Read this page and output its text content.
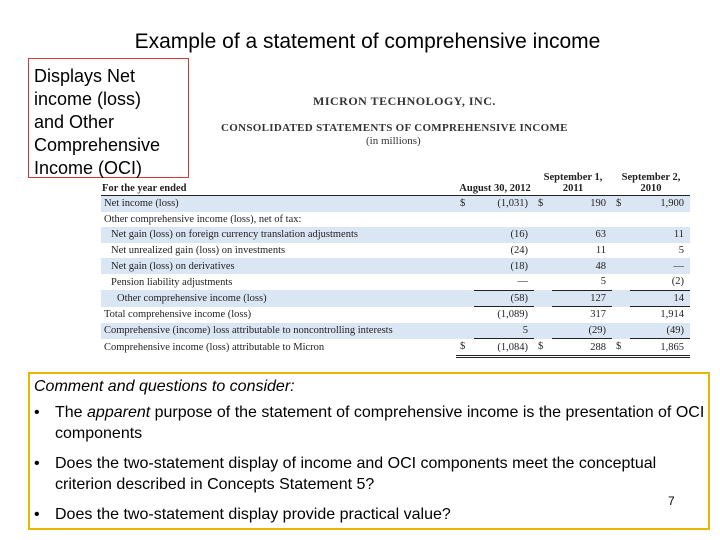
Example of a statement of comprehensive income
Displays Net
income (loss)
and Other
Comprehensive
Income (OCI)
MICRON TECHNOLOGY, INC.
CONSOLIDATED STATEMENTS OF COMPREHENSIVE INCOME
(in millions)
For the year ended	August 30, 2012		September 1, 2011		September 2, 2010	
Net income (loss)	$	(1,031)	$	190	$	1,900
Other comprehensive income (loss), net of tax:						
Net gain (loss) on foreign currency translation adjustments		(16)		63		11
Net unrealized gain (loss) on investments		(24)		11		5
Net gain (loss) on derivatives		(18)		48		—
Pension liability adjustments		—		5		(2)
Other comprehensive income (loss)		(58)		127		14
Total comprehensive income (loss)		(1,089)		317		1,914
Comprehensive (income) loss attributable to noncontrolling interests		5		(29)		(49)
Comprehensive income (loss) attributable to Micron	$	(1,084)	$	288	$	1,865
Comment and questions to consider:
• The apparent purpose of the statement of comprehensive income is the presentation of OCI components
• Does the two-statement display of income and OCI components meet the conceptual criterion described in Concepts Statement 5?
• Does the two-statement display provide practical value?
7
